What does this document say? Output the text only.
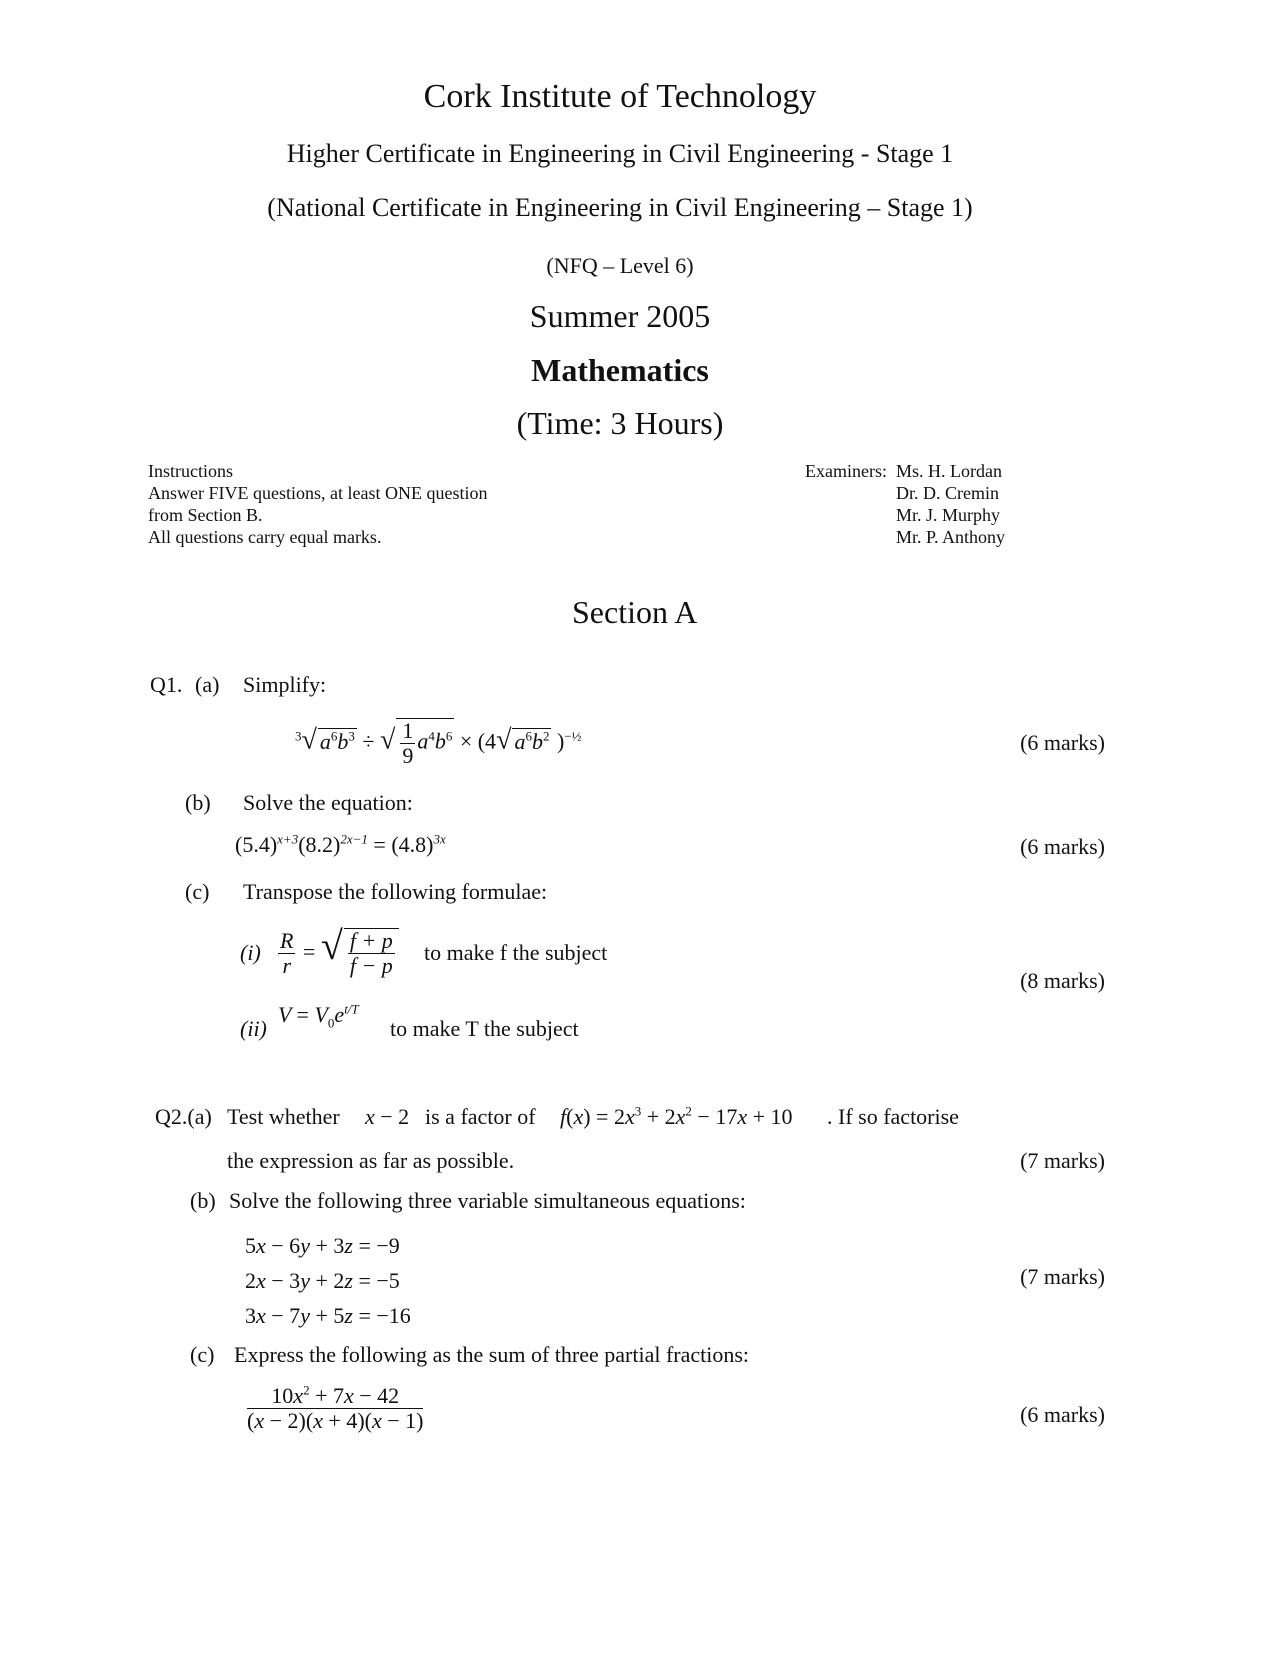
Cork Institute of Technology
Higher Certificate in Engineering in Civil Engineering - Stage 1
(National Certificate in Engineering in Civil Engineering – Stage 1)
(NFQ – Level 6)
Summer 2005
Mathematics
(Time: 3 Hours)
Instructions
Answer FIVE questions, at least ONE question
from Section B.
All questions carry equal marks.
Examiners: Ms. H. Lordan
Dr. D. Cremin
Mr. J. Murphy
Mr. P. Anthony
Section A
Q1. (a) Simplify:
$^3$√ $a^6b^3$ ÷ √ $\frac{1}{9} a^4b^6 \times (4√$ $a^6b^2$ )$^{-\frac{1}{2}}$	(6 marks)
(b) Solve the equation:
$(5.4)^{x+3}(8.2)^{2x-1} = (4.8)^{3x}$	(6 marks)
(c) Transpose the following formulae:
$(i) \frac{R}{r}$ = √ $\frac{f + p}{f - p}$ to make f the subject
(8 marks)
(ii)
$V = V_0e^{t/T}$
to make T the subject
Q2.(a) Test whether x − 2 is a factor of $f(x) = 2x^3 + 2x^2 - 17x + 10$ . If so factorise
the expression as far as possible.	(7 marks)
(b) Solve the following three variable simultaneous equations:
5x − 6y + 3z = −9
2x − 3y + 2z = −5
3x − 7y + 5z = −16
(7 marks)
(c) Express the following as the sum of three partial fractions:
$\frac{10x^2 + 7x - 42}{(x - 2)(x + 4)(x - 1)}$	(6 marks)
